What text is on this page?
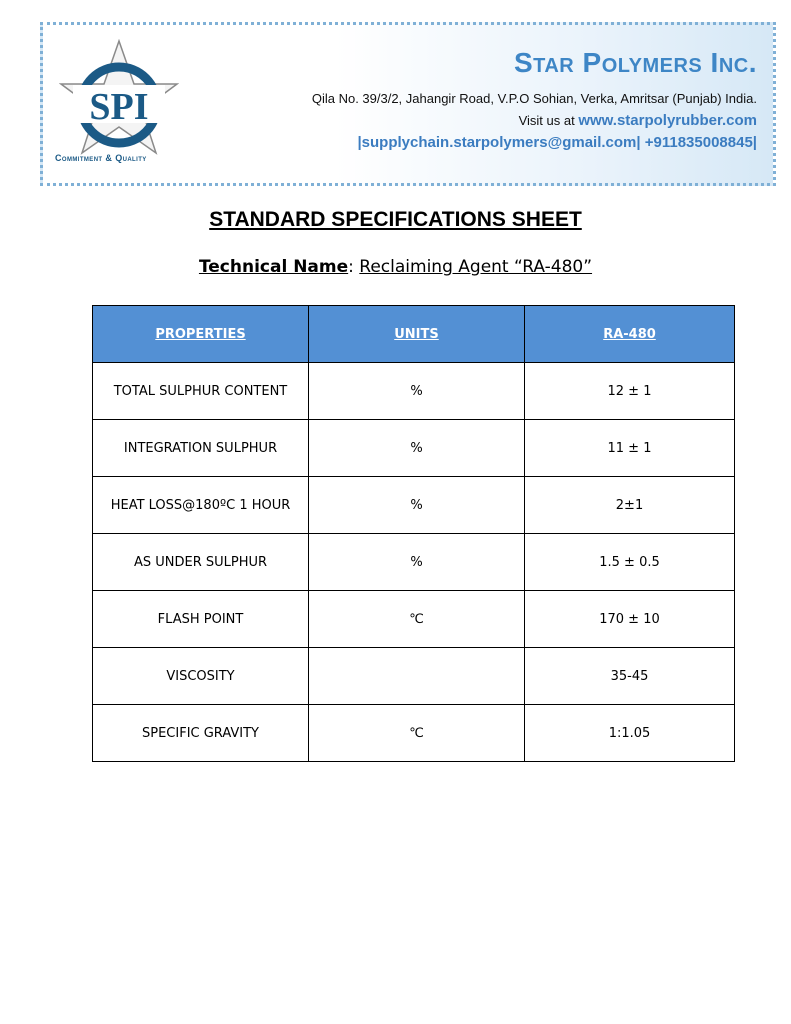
SPI
Commitment & Quality
Star Polymers Inc.
Qila No. 39/3/2, Jahangir Road, V.P.O Sohian, Verka, Amritsar (Punjab) India.
Visit us at www.starpolyrubber.com
|supplychain.starpolymers@gmail.com| +911835008845|
STANDARD SPECIFICATIONS SHEET
Technical Name: Reclaiming Agent “RA-480”
PROPERTIES	UNITS	RA-480
TOTAL SULPHUR CONTENT	%	12 ± 1
INTEGRATION SULPHUR	%	11 ± 1
HEAT LOSS@180ºC 1 HOUR	%	2±1
AS UNDER SULPHUR	%	1.5 ± 0.5
FLASH POINT	℃	170 ± 10
VISCOSITY		35-45
SPECIFIC GRAVITY	℃	1:1.05
